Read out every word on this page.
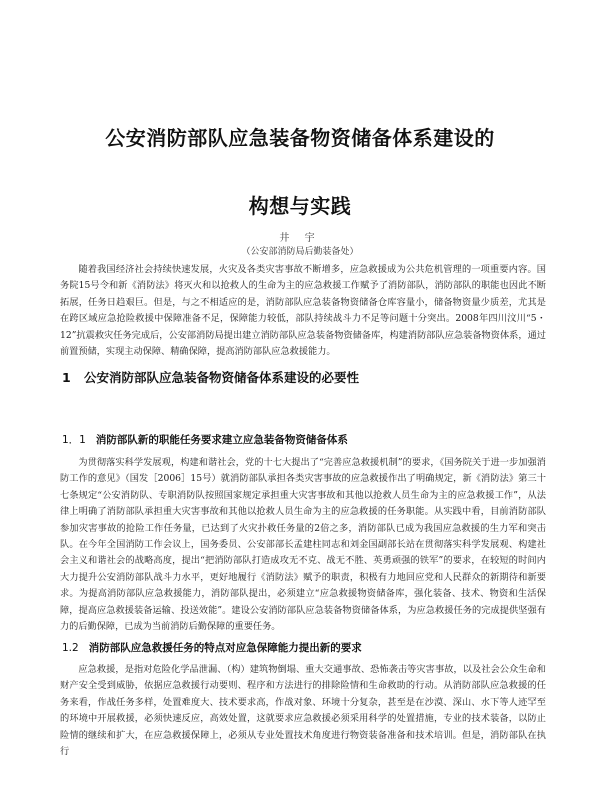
公安消防部队应急装备物资储备体系建设的
构想与实践
井 宇
（公安部消防局后勤装备处）
随着我国经济社会持续快速发展，火灾及各类灾害事故不断增多，应急救援成为公共危机管理的一项重要内容。国务院15号令和新《消防法》将灭火和以抢救人的生命为主的应急救援工作赋予了消防部队，消防部队的职能也因此不断拓展，任务日趋艰巨。但是，与之不相适应的是，消防部队应急装备物资储备仓库容量小，储备物资量少质差，尤其是在跨区域应急抢险救援中保障准备不足，保障能力较低，部队持续战斗力不足等问题十分突出。2008年四川汶川“5・12”抗震救灾任务完成后，公安部消防局提出建立消防部队应急装备物资储备库，构建消防部队应急装备物资体系，通过前置预储，实现主动保障、精确保障，提高消防部队应急救援能力。
1 公安消防部队应急装备物资储备体系建设的必要性
1．1 消防部队新的职能任务要求建立应急装备物资储备体系
为贯彻落实科学发展观，构建和谐社会，党的十七大提出了“完善应急救援机制”的要求，《国务院关于进一步加强消防工作的意见》（国发［2006］15号）就消防部队承担各类灾害事故的应急救援作出了明确规定，新《消防法》第三十七条规定“公安消防队、专职消防队按照国家规定承担重大灾害事故和其他以抢救人员生命为主的应急救援工作”，从法律上明确了消防部队承担重大灾害事故和其他以抢救人员生命为主的应急救援的任务职能。从实践中看，目前消防部队参加灾害事故的抢险工作任务量，已达到了火灾扑救任务量的2倍之多，消防部队已成为我国应急救援的生力军和突击队。在今年全国消防工作会议上，国务委员、公安部部长孟建柱同志和刘金国副部长站在贯彻落实科学发展观、构建社会主义和谐社会的战略高度，提出“把消防部队打造成攻无不克、战无不胜、英勇顽强的铁军”的要求，在较短的时间内大力提升公安消防部队战斗力水平，更好地履行《消防法》赋予的职责，积极有力地回应党和人民群众的新期待和新要求。为提高消防部队应急救援能力，消防部队提出，必须建立“应急救援物资储备库，强化装备、技术、物资和生活保障，提高应急救援装备运输、投送效能”。建设公安消防部队应急装备物资储备体系，为应急救援任务的完成提供坚强有力的后勤保障，已成为当前消防后勤保障的重要任务。
1.2 消防部队应急救援任务的特点对应急保障能力提出新的要求
应急救援，是指对危险化学品泄漏、（构）建筑物倒塌、重大交通事故、恐怖袭击等灾害事故，以及社会公众生命和财产安全受到威胁，依据应急救援行动要则、程序和方法进行的排除险情和生命救助的行动。从消防部队应急救援的任务来看，作战任务多样，处置难度大、技术要求高，作战对象、环境十分复杂，甚至是在沙漠、深山、水下等人迹罕至的环境中开展救援，必须快速反应，高效处置，这就要求应急救援必须采用科学的处置措施，专业的技术装备，以防止险情的继续和扩大，在应急救援保障上，必须从专业处置技术角度进行物资装备准备和技术培训。但是，消防部队在执行
